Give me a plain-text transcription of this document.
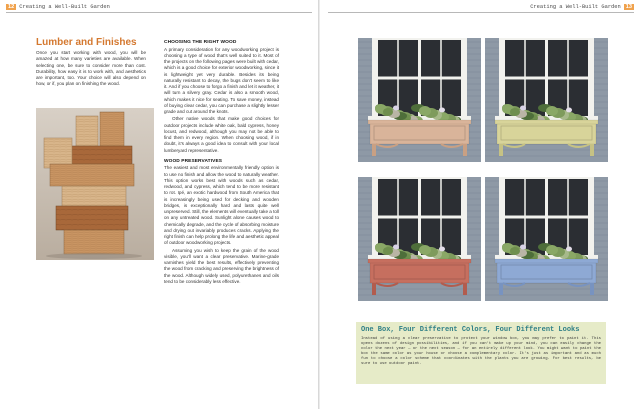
12 Creating a Well-Built Garden
Lumber and Finishes
Once you start working with wood, you will be amazed at how many varieties are available. When selecting one, be sure to consider more than cost. Durability, how easy it is to work with, and aesthetics are important, too. Your choice will also depend on how, or if, you plan on finishing the wood.
CHOOSING THE RIGHT WOOD

A primary consideration for any woodworking project is choosing a type of wood that's well suited to it. Most of the projects on the following pages were built with cedar, which is a good choice for exterior woodworking, since it is lightweight yet very durable. Besides its being naturally resistant to decay, the bugs don't seem to like it. And if you choose to forgo a finish and let it weather, it will turn a silvery gray. Cedar is also a smooth wood, which makes it nice for seating. To save money, instead of buying clear cedar, you can purchase a slightly lesser grade and cut around the knots.

Other native woods that make good choices for outdoor projects include white oak, bald cypress, honey locust, and redwood, although you may not be able to find them in every region. When choosing wood, if in doubt, it's always a good idea to consult with your local lumberyard representative.

WOOD PRESERVATIVES

The easiest and most environmentally friendly option is to use no finish and allow the wood to naturally weather. This option works best with woods such as cedar, redwood, and cypress, which tend to be more resistant to rot. Ipé, an exotic hardwood from South America that is increasingly being used for decking and wooden bridges, is exceptionally hard and lasts quite well unpreserved. Still, the elements will eventually take a toll on any untreated wood. Sunlight alone causes wood to chemically degrade, and the cycle of absorbing moisture and drying out invariably produces cracks. Applying the right finish can help prolong the life and aesthetic appeal of outdoor woodworking projects.

Assuming you wish to keep the grain of the wood visible, you'll want a clear preservative. Marine-grade varnishes yield the best results, effectively preventing the wood from cracking and preserving the brightness of the wood. Although widely used, polyurethanes and oils tend to be considerably less effective.

Creating a Well-Built Garden 13
One Box, Four Different Colors, Four Different Looks
Instead of using a clear preservative to protect your window box, you may prefer to paint it. This opens dozens of design possibilities, and if you can't make up your mind, you can easily change the color the next year — or the next season — for an entirely different look. You might want to paint the box the same color as your house or choose a complementary color. It's just as important and as much fun to choose a color scheme that coordinates with the plants you are growing. For best results, be sure to use outdoor paint.
